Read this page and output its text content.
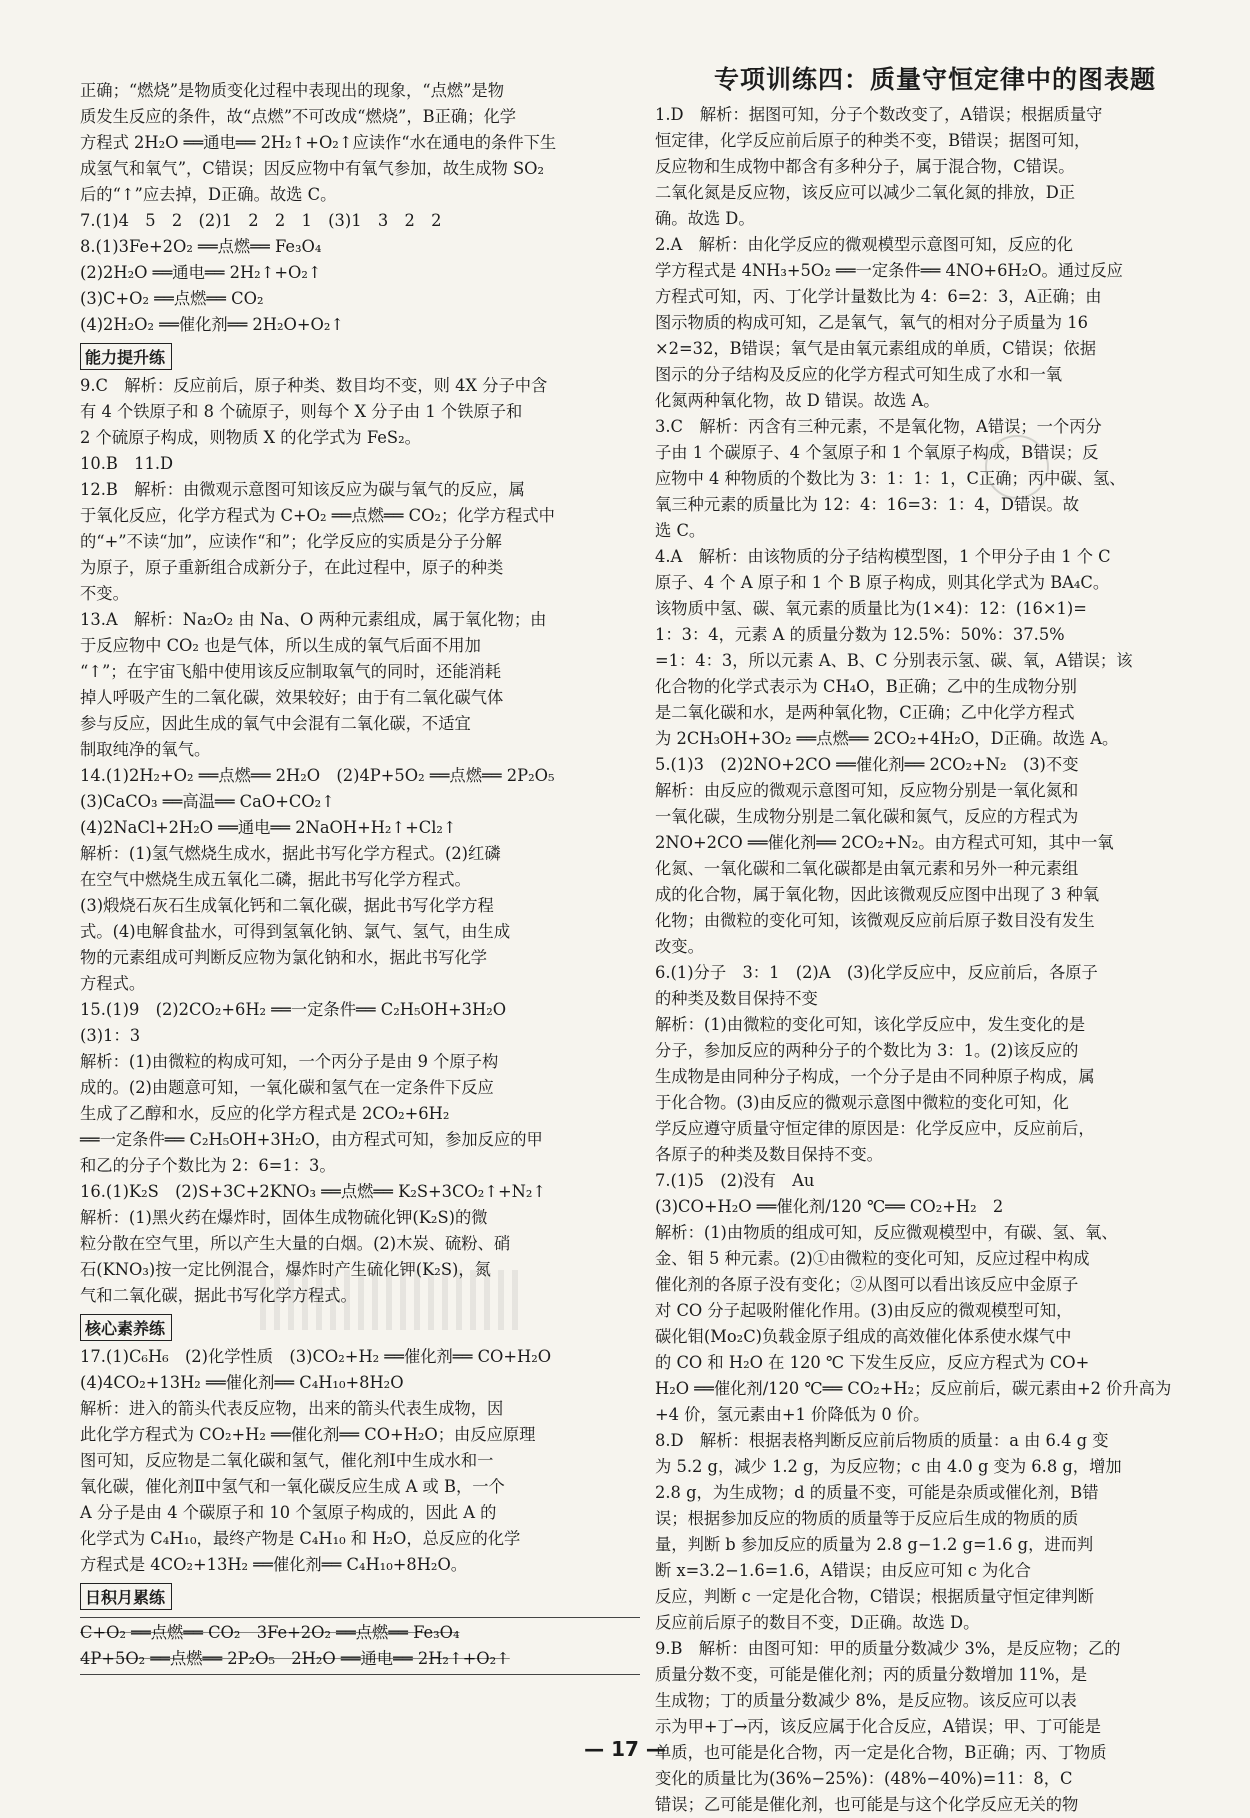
正确；“燃烧”是物质变化过程中表现出的现象，“点燃”是物

质发生反应的条件，故“点燃”不可改成“燃烧”，B正确；化学

方程式 2H₂O ══通电══ 2H₂↑+O₂↑应读作“水在通电的条件下生

成氢气和氧气”，C错误；因反应物中有氧气参加，故生成物 SO₂

后的“↑”应去掉，D正确。故选 C。

7.(1)4　5　2　(2)1　2　2　1　(3)1　3　2　2

8.(1)3Fe+2O₂ ══点燃══ Fe₃O₄

(2)2H₂O ══通电══ 2H₂↑+O₂↑

(3)C+O₂ ══点燃══ CO₂

(4)2H₂O₂ ══催化剂══ 2H₂O+O₂↑

能力提升练

9.C　解析：反应前后，原子种类、数目均不变，则 4X 分子中含

有 4 个铁原子和 8 个硫原子，则每个 X 分子由 1 个铁原子和

2 个硫原子构成，则物质 X 的化学式为 FeS₂。

10.B　11.D

12.B　解析：由微观示意图可知该反应为碳与氧气的反应，属

于氧化反应，化学方程式为 C+O₂ ══点燃══ CO₂；化学方程式中

的“+”不读“加”，应读作“和”；化学反应的实质是分子分解

为原子，原子重新组合成新分子，在此过程中，原子的种类

不变。

13.A　解析：Na₂O₂ 由 Na、O 两种元素组成，属于氧化物；由

于反应物中 CO₂ 也是气体，所以生成的氧气后面不用加

“↑”；在宇宙飞船中使用该反应制取氧气的同时，还能消耗

掉人呼吸产生的二氧化碳，效果较好；由于有二氧化碳气体

参与反应，因此生成的氧气中会混有二氧化碳，不适宜

制取纯净的氧气。

14.(1)2H₂+O₂ ══点燃══ 2H₂O　(2)4P+5O₂ ══点燃══ 2P₂O₅

(3)CaCO₃ ══高温══ CaO+CO₂↑

(4)2NaCl+2H₂O ══通电══ 2NaOH+H₂↑+Cl₂↑

解析：(1)氢气燃烧生成水，据此书写化学方程式。(2)红磷

在空气中燃烧生成五氧化二磷，据此书写化学方程式。

(3)煅烧石灰石生成氧化钙和二氧化碳，据此书写化学方程

式。(4)电解食盐水，可得到氢氧化钠、氯气、氢气，由生成

物的元素组成可判断反应物为氯化钠和水，据此书写化学

方程式。

15.(1)9　(2)2CO₂+6H₂ ══一定条件══ C₂H₅OH+3H₂O

(3)1：3

解析：(1)由微粒的构成可知，一个丙分子是由 9 个原子构

成的。(2)由题意可知，一氧化碳和氢气在一定条件下反应

生成了乙醇和水，反应的化学方程式是 2CO₂+6H₂

══一定条件══ C₂H₅OH+3H₂O，由方程式可知，参加反应的甲

和乙的分子个数比为 2：6=1：3。

16.(1)K₂S　(2)S+3C+2KNO₃ ══点燃══ K₂S+3CO₂↑+N₂↑

解析：(1)黑火药在爆炸时，固体生成物硫化钾(K₂S)的微

粒分散在空气里，所以产生大量的白烟。(2)木炭、硫粉、硝

石(KNO₃)按一定比例混合，爆炸时产生硫化钾(K₂S)，氮

气和二氧化碳，据此书写化学方程式。

核心素养练

17.(1)C₆H₆　(2)化学性质　(3)CO₂+H₂ ══催化剂══ CO+H₂O

(4)4CO₂+13H₂ ══催化剂══ C₄H₁₀+8H₂O

解析：进入的箭头代表反应物，出来的箭头代表生成物，因

此化学方程式为 CO₂+H₂ ══催化剂══ CO+H₂O；由反应原理

图可知，反应物是二氧化碳和氢气，催化剂Ⅰ中生成水和一

氧化碳，催化剂Ⅱ中氢气和一氧化碳反应生成 A 或 B，一个

A 分子是由 4 个碳原子和 10 个氢原子构成的，因此 A 的

化学式为 C₄H₁₀，最终产物是 C₄H₁₀ 和 H₂O，总反应的化学

方程式是 4CO₂+13H₂ ══催化剂══ C₄H₁₀+8H₂O。

日积月累练

C+O₂ ══点燃══ CO₂　3Fe+2O₂ ══点燃══ Fe₃O₄

4P+5O₂ ══点燃══ 2P₂O₅　2H₂O ══通电══ 2H₂↑+O₂↑

专项训练四：质量守恒定律中的图表题

1.D　解析：据图可知，分子个数改变了，A错误；根据质量守

恒定律，化学反应前后原子的种类不变，B错误；据图可知，

反应物和生成物中都含有多种分子，属于混合物，C错误。

二氧化氮是反应物，该反应可以减少二氧化氮的排放，D正

确。故选 D。

2.A　解析：由化学反应的微观模型示意图可知，反应的化

学方程式是 4NH₃+5O₂ ══一定条件══ 4NO+6H₂O。通过反应

方程式可知，丙、丁化学计量数比为 4：6=2：3，A正确；由

图示物质的构成可知，乙是氧气，氧气的相对分子质量为 16

×2=32，B错误；氧气是由氧元素组成的单质，C错误；依据

图示的分子结构及反应的化学方程式可知生成了水和一氧

化氮两种氧化物，故 D 错误。故选 A。

3.C　解析：丙含有三种元素，不是氧化物，A错误；一个丙分

子由 1 个碳原子、4 个氢原子和 1 个氧原子构成，B错误；反

应物中 4 种物质的个数比为 3：1：1：1，C正确；丙中碳、氢、

氧三种元素的质量比为 12：4：16=3：1：4，D错误。故

选 C。

4.A　解析：由该物质的分子结构模型图，1 个甲分子由 1 个 C

原子、4 个 A 原子和 1 个 B 原子构成，则其化学式为 BA₄C。

该物质中氢、碳、氧元素的质量比为(1×4)：12：(16×1)=

1：3：4，元素 A 的质量分数为 12.5%：50%：37.5%

=1：4：3，所以元素 A、B、C 分别表示氢、碳、氧，A错误；该

化合物的化学式表示为 CH₄O，B正确；乙中的生成物分别

是二氧化碳和水，是两种氧化物，C正确；乙中化学方程式

为 2CH₃OH+3O₂ ══点燃══ 2CO₂+4H₂O，D正确。故选 A。

5.(1)3　(2)2NO+2CO ══催化剂══ 2CO₂+N₂　(3)不变

解析：由反应的微观示意图可知，反应物分别是一氧化氮和

一氧化碳，生成物分别是二氧化碳和氮气，反应的方程式为

2NO+2CO ══催化剂══ 2CO₂+N₂。由方程式可知，其中一氧

化氮、一氧化碳和二氧化碳都是由氧元素和另外一种元素组

成的化合物，属于氧化物，因此该微观反应图中出现了 3 种氧

化物；由微粒的变化可知，该微观反应前后原子数目没有发生

改变。

6.(1)分子　3：1　(2)A　(3)化学反应中，反应前后，各原子

的种类及数目保持不变

解析：(1)由微粒的变化可知，该化学反应中，发生变化的是

分子，参加反应的两种分子的个数比为 3：1。(2)该反应的

生成物是由同种分子构成，一个分子是由不同种原子构成，属

于化合物。(3)由反应的微观示意图中微粒的变化可知，化

学反应遵守质量守恒定律的原因是：化学反应中，反应前后，

各原子的种类及数目保持不变。

7.(1)5　(2)没有　Au

(3)CO+H₂O ══催化剂/120 ℃══ CO₂+H₂　2

解析：(1)由物质的组成可知，反应微观模型中，有碳、氢、氧、

金、钼 5 种元素。(2)①由微粒的变化可知，反应过程中构成

催化剂的各原子没有变化；②从图可以看出该反应中金原子

对 CO 分子起吸附催化作用。(3)由反应的微观模型可知，

碳化钼(Mo₂C)负载金原子组成的高效催化体系使水煤气中

的 CO 和 H₂O 在 120 ℃ 下发生反应，反应方程式为 CO+

H₂O ══催化剂/120 ℃══ CO₂+H₂；反应前后，碳元素由+2 价升高为

+4 价，氢元素由+1 价降低为 0 价。

8.D　解析：根据表格判断反应前后物质的质量：a 由 6.4 g 变

为 5.2 g，减少 1.2 g，为反应物；c 由 4.0 g 变为 6.8 g，增加

2.8 g，为生成物；d 的质量不变，可能是杂质或催化剂，B错

误；根据参加反应的物质的质量等于反应后生成的物质的质

量，判断 b 参加反应的质量为 2.8 g−1.2 g=1.6 g，进而判

断 x=3.2−1.6=1.6，A错误；由反应可知 c 为化合

反应，判断 c 一定是化合物，C错误；根据质量守恒定律判断

反应前后原子的数目不变，D正确。故选 D。

9.B　解析：由图可知：甲的质量分数减少 3%，是反应物；乙的

质量分数不变，可能是催化剂；丙的质量分数增加 11%，是

生成物；丁的质量分数减少 8%，是反应物。该反应可以表

示为甲+丁→丙，该反应属于化合反应，A错误；甲、丁可能是

单质，也可能是化合物，丙一定是化合物，B正确；丙、丁物质

变化的质量比为(36%−25%)：(48%−40%)=11：8，C

错误；乙可能是催化剂，也可能是与这个化学反应无关的物

— 17 —
